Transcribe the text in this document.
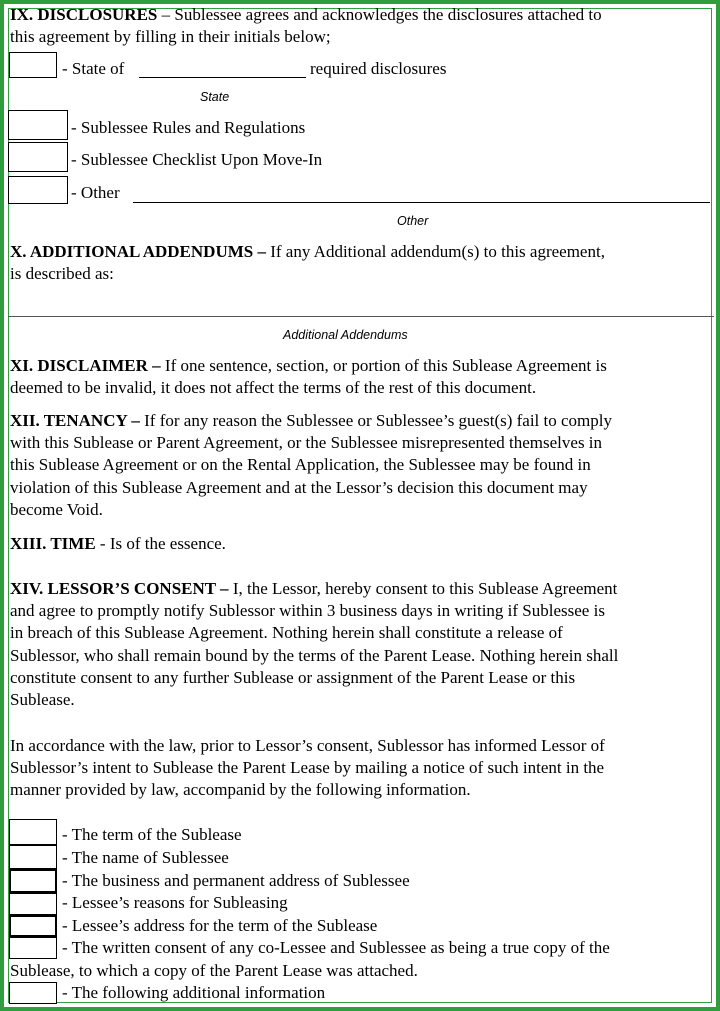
IX. DISCLOSURES – Sublessee agrees and acknowledges the disclosures attached to
this agreement by filling in their initials below;
- State of	required disclosures
State
- Sublessee Rules and Regulations
- Sublessee Checklist Upon Move-In
- Other
Other
X. ADDITIONAL ADDENDUMS – If any Additional addendum(s) to this agreement,
is described as:
Additional Addendums
XI. DISCLAIMER – If one sentence, section, or portion of this Sublease Agreement is
deemed to be invalid, it does not affect the terms of the rest of this document.
XII. TENANCY – If for any reason the Sublessee or Sublessee’s guest(s) fail to comply
with this Sublease or Parent Agreement, or the Sublessee misrepresented themselves in
this Sublease Agreement or on the Rental Application, the Sublessee may be found in
violation of this Sublease Agreement and at the Lessor’s decision this document may
become Void.
XIII. TIME - Is of the essence.
XIV. LESSOR’S CONSENT – I, the Lessor, hereby consent to this Sublease Agreement
and agree to promptly notify Sublessor within 3 business days in writing if Sublessee is
in breach of this Sublease Agreement. Nothing herein shall constitute a release of
Sublessor, who shall remain bound by the terms of the Parent Lease. Nothing herein shall
constitute consent to any further Sublease or assignment of the Parent Lease or this
Sublease.
In accordance with the law, prior to Lessor’s consent, Sublessor has informed Lessor of
Sublessor’s intent to Sublease the Parent Lease by mailing a notice of such intent in the
manner provided by law, accompanid by the following information.
- The term of the Sublease
- The name of Sublessee
- The business and permanent address of Sublessee
- Lessee’s reasons for Subleasing
- Lessee’s address for the term of the Sublease
- The written consent of any co-Lessee and Sublessee as being a true copy of the
Sublease, to which a copy of the Parent Lease was attached.
- The following additional information
